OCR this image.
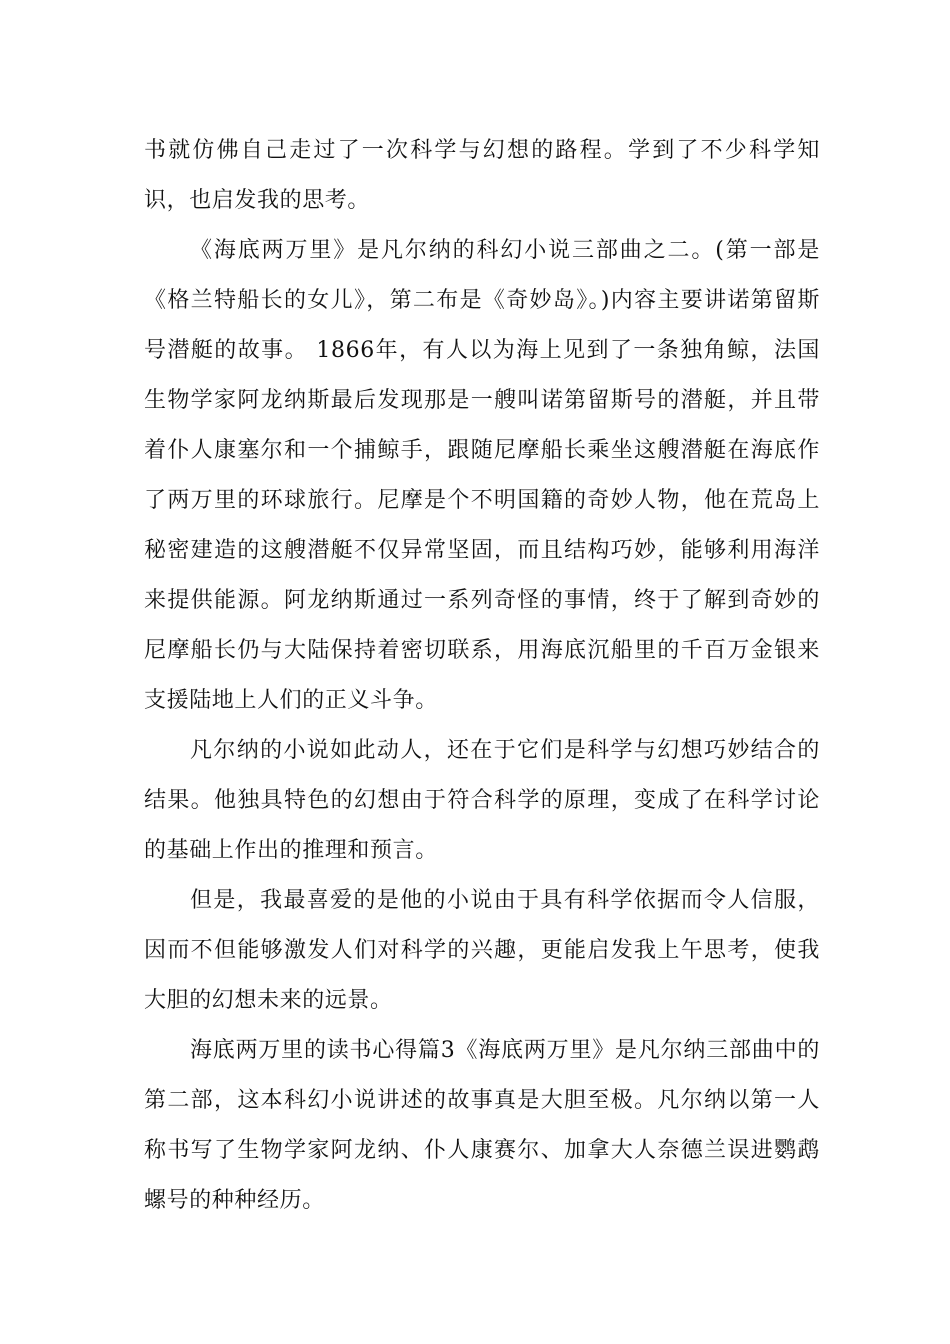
书就仿佛自己走过了一次科学与幻想的路程。学到了不少科学知识，也启发我的思考。

《海底两万里》是凡尔纳的科幻小说三部曲之二。(第一部是《格兰特船长的女儿》，第二布是《奇妙岛》。)内容主要讲诺第留斯号潜艇的故事。 1866年，有人以为海上见到了一条独角鲸，法国生物学家阿龙纳斯最后发现那是一艘叫诺第留斯号的潜艇，并且带着仆人康塞尔和一个捕鲸手，跟随尼摩船长乘坐这艘潜艇在海底作了两万里的环球旅行。尼摩是个不明国籍的奇妙人物，他在荒岛上秘密建造的这艘潜艇不仅异常坚固，而且结构巧妙，能够利用海洋来提供能源。阿龙纳斯通过一系列奇怪的事情，终于了解到奇妙的尼摩船长仍与大陆保持着密切联系，用海底沉船里的千百万金银来支援陆地上人们的正义斗争。

凡尔纳的小说如此动人，还在于它们是科学与幻想巧妙结合的结果。他独具特色的幻想由于符合科学的原理，变成了在科学讨论的基础上作出的推理和预言。

但是，我最喜爱的是他的小说由于具有科学依据而令人信服，因而不但能够激发人们对科学的兴趣，更能启发我上午思考，使我大胆的幻想未来的远景。

海底两万里的读书心得篇3《海底两万里》是凡尔纳三部曲中的第二部，这本科幻小说讲述的故事真是大胆至极。凡尔纳以第一人称书写了生物学家阿龙纳、仆人康赛尔、加拿大人奈德兰误进鹦鹉螺号的种种经历。
